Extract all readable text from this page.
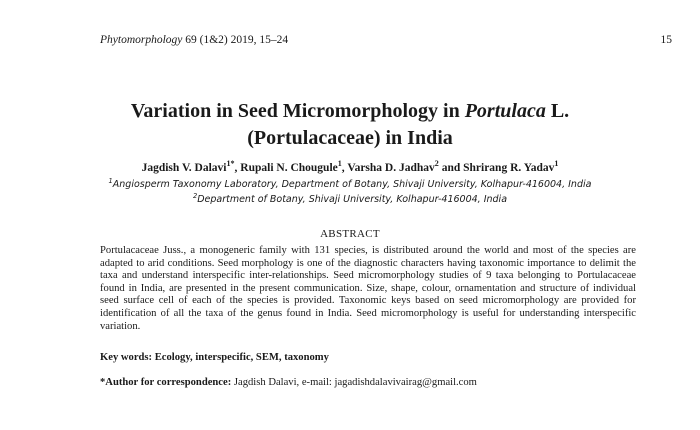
Phytomorphology 69 (1&2) 2019, 15–24	15
Variation in Seed Micromorphology in Portulaca L.
(Portulacaceae) in India
Jagdish V. Dalavi$^{1*}$, Rupali N. Chougule$^1$, Varsha D. Jadhav$^2$ and Shrirang R. Yadav$^1$
$^1$Angiosperm Taxonomy Laboratory, Department of Botany, Shivaji University, Kolhapur-416004, India
$^2$Department of Botany, Shivaji University, Kolhapur-416004, India
ABSTRACT

Portulacaceae Juss., a monogeneric family with 131 species, is distributed around the world and most of the species are adapted to arid conditions. Seed morphology is one of the diagnostic characters having taxonomic importance to delimit the taxa and understand interspecific inter-relationships. Seed micromorphology studies of 9 taxa belonging to Portulacaceae found in India, are presented in the present communication. Size, shape, colour, ornamentation and structure of individual seed surface cell of each of the species is provided. Taxonomic keys based on seed micromorphology are provided for identification of all the taxa of the genus found in India. Seed micromorphology is useful for understanding interspecific variation.

Key words: Ecology, interspecific, SEM, taxonomy
*Author for correspondence: Jagdish Dalavi, e-mail: jagadishdalavivairag@gmail.com
